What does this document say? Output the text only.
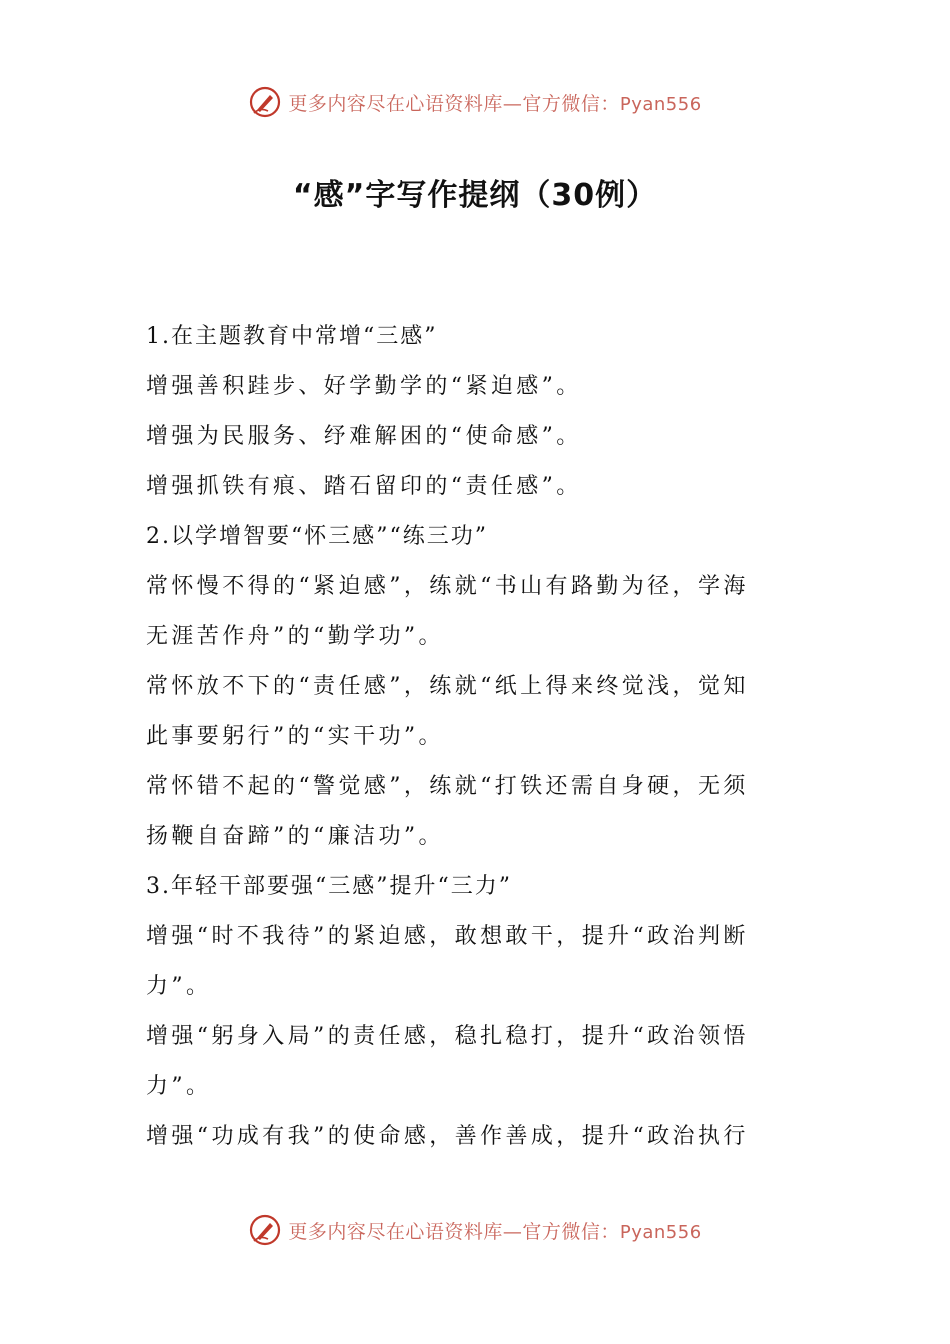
更多内容尽在心语资料库—官方微信：Pyan556
“感”字写作提纲（30例）
1.在主题教育中常增“三感”
增强善积跬步、好学勤学的“紧迫感”。
增强为民服务、纾难解困的“使命感”。
增强抓铁有痕、踏石留印的“责任感”。
2.以学增智要“怀三感”“练三功”
常怀慢不得的“紧迫感”，练就“书山有路勤为径，学海
无涯苦作舟”的“勤学功”。
常怀放不下的“责任感”，练就“纸上得来终觉浅，觉知
此事要躬行”的“实干功”。
常怀错不起的“警觉感”，练就“打铁还需自身硬，无须
扬鞭自奋蹄”的“廉洁功”。
3.年轻干部要强“三感”提升“三力”
增强“时不我待”的紧迫感，敢想敢干，提升“政治判断
力”。
增强“躬身入局”的责任感，稳扎稳打，提升“政治领悟
力”。
增强“功成有我”的使命感，善作善成，提升“政治执行
更多内容尽在心语资料库—官方微信：Pyan556
